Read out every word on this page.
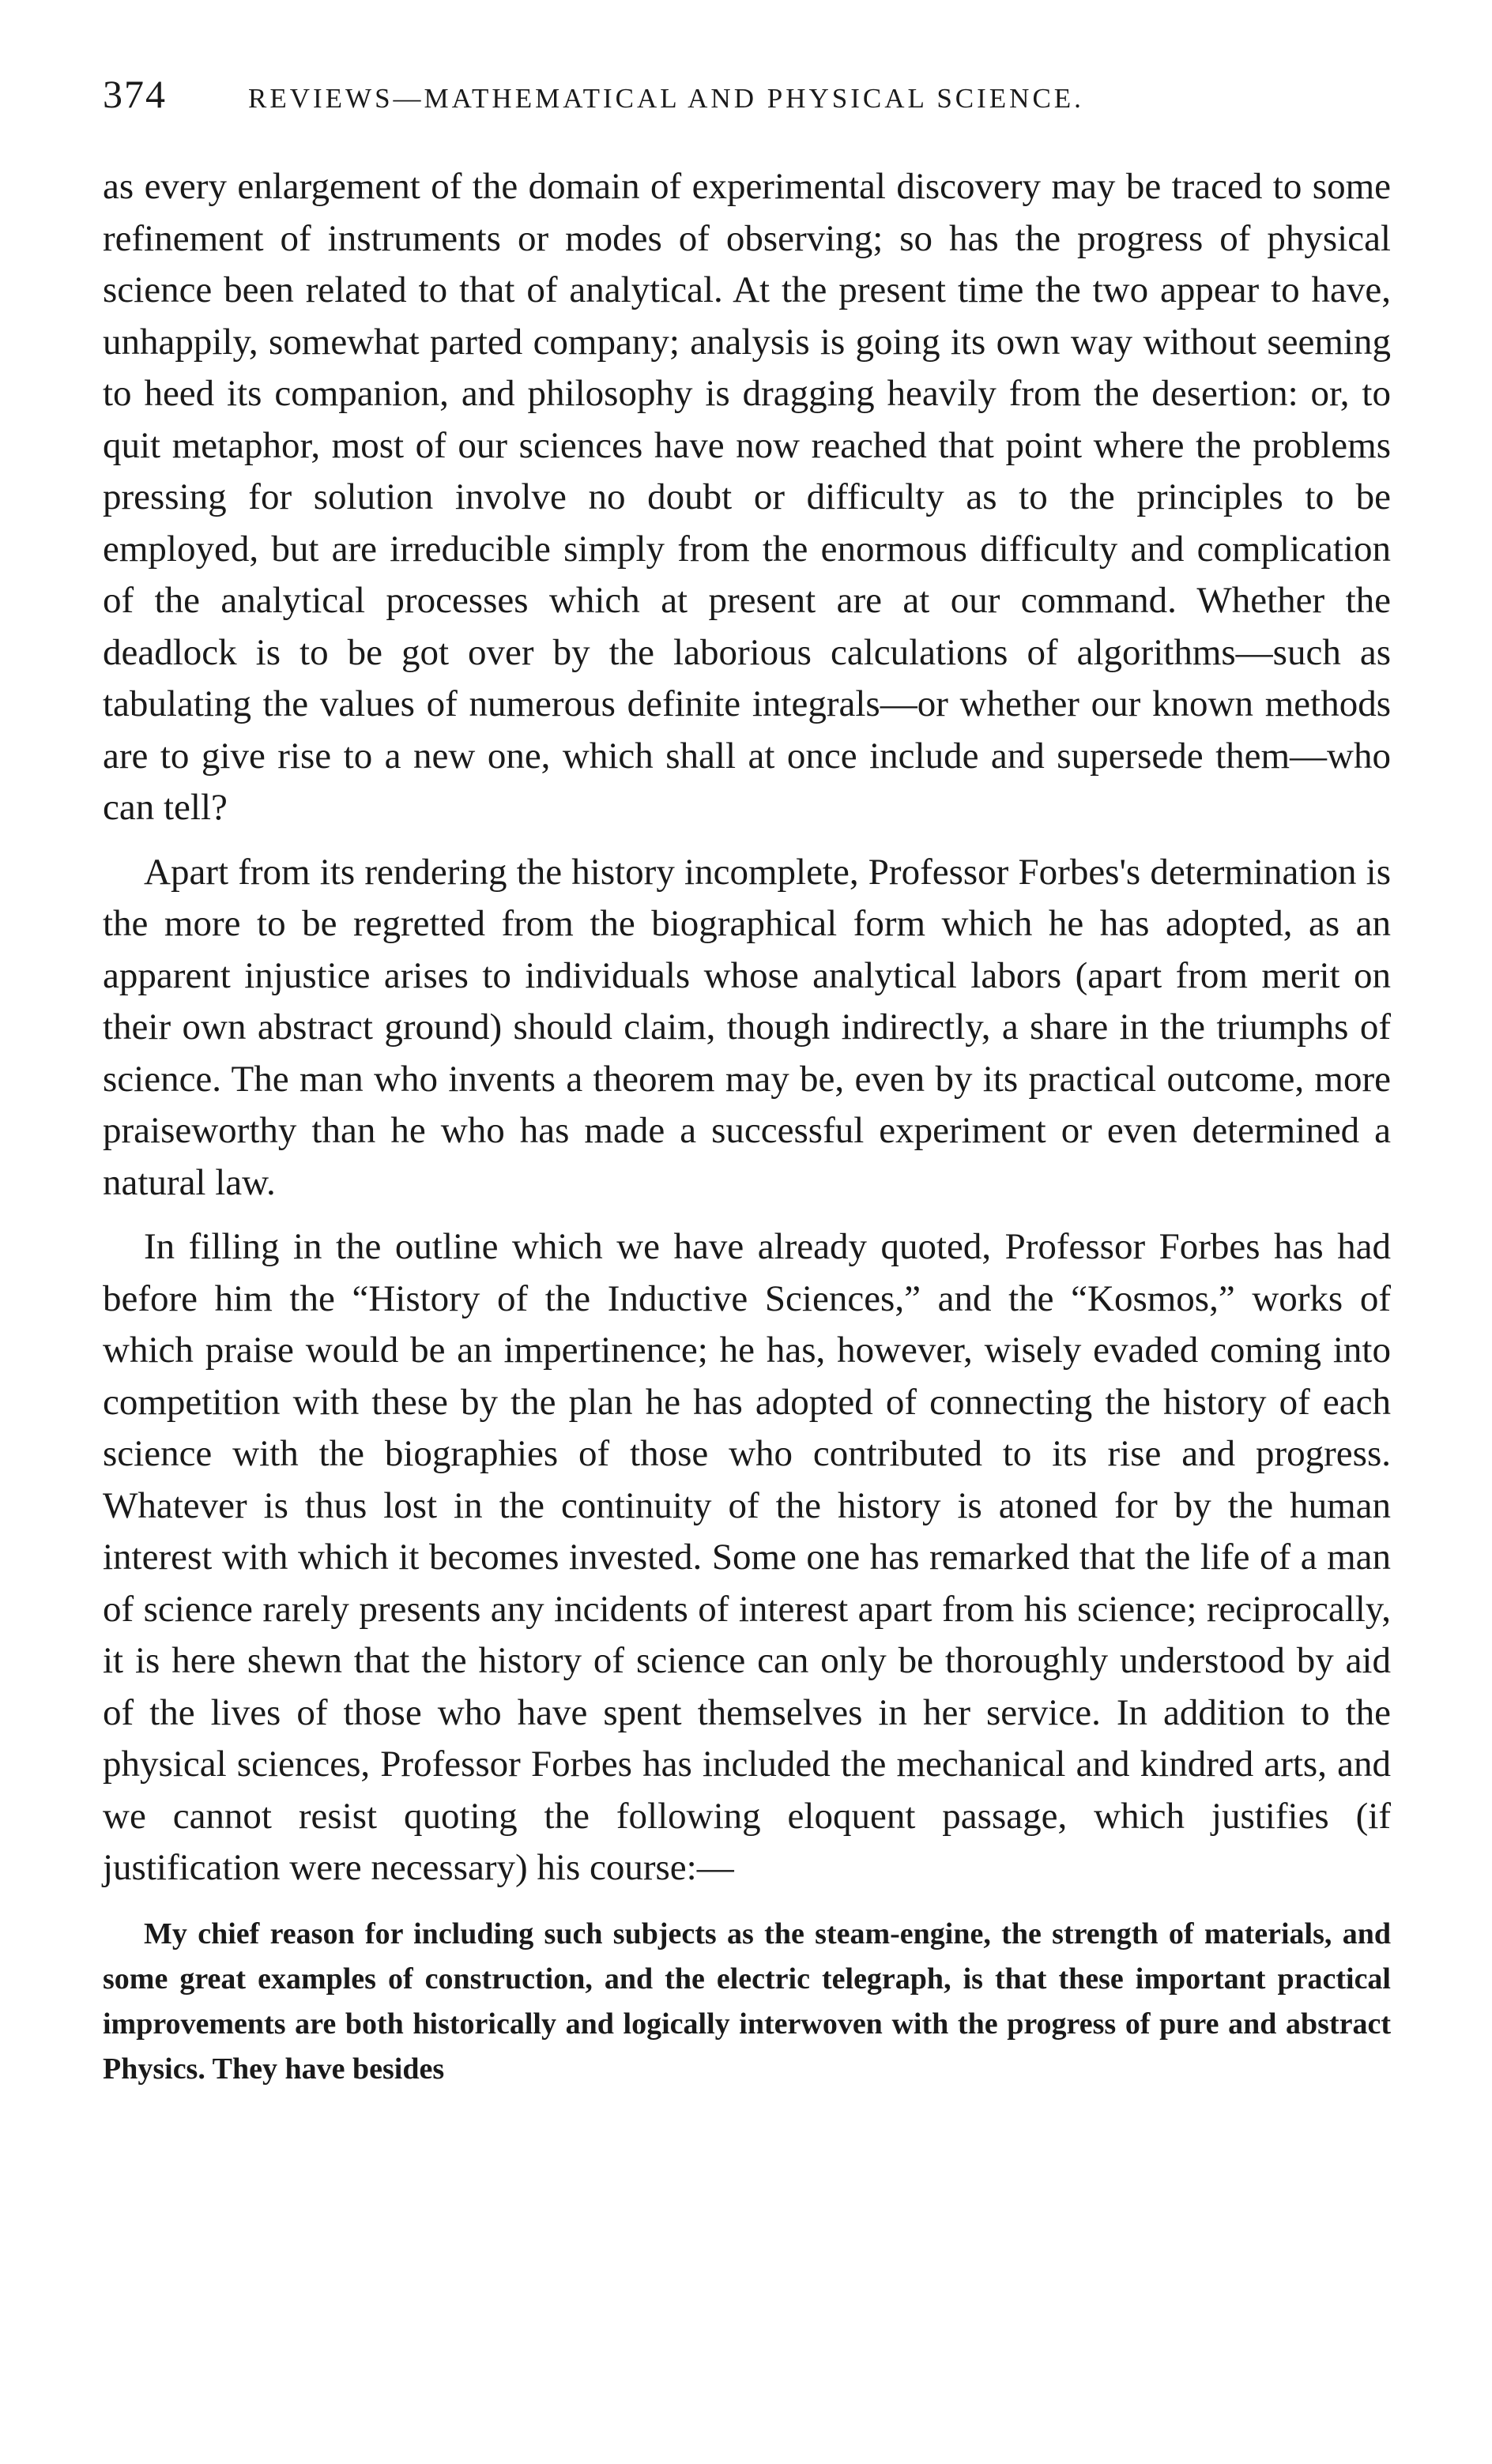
374	REVIEWS—MATHEMATICAL AND PHYSICAL SCIENCE.

as every enlargement of the domain of experimental discovery may be traced to some refinement of instruments or modes of observing; so has the progress of physical science been related to that of analytical. At the present time the two appear to have, unhappily, somewhat parted company; analysis is going its own way without seeming to heed its companion, and philosophy is dragging heavily from the desertion: or, to quit metaphor, most of our sciences have now reached that point where the problems pressing for solution involve no doubt or difficulty as to the principles to be employed, but are irreducible simply from the enormous difficulty and complication of the analytical processes which at present are at our command. Whether the deadlock is to be got over by the laborious calculations of algorithms—such as tabulating the values of numerous definite integrals—or whether our known methods are to give rise to a new one, which shall at once include and supersede them—who can tell?

Apart from its rendering the history incomplete, Professor Forbes's determination is the more to be regretted from the biographical form which he has adopted, as an apparent injustice arises to individuals whose analytical labors (apart from merit on their own abstract ground) should claim, though indirectly, a share in the triumphs of science. The man who invents a theorem may be, even by its practical outcome, more praiseworthy than he who has made a successful experiment or even determined a natural law.

In filling in the outline which we have already quoted, Professor Forbes has had before him the “History of the Inductive Sciences,” and the “Kosmos,” works of which praise would be an impertinence; he has, however, wisely evaded coming into competition with these by the plan he has adopted of connecting the history of each science with the biographies of those who contributed to its rise and progress. Whatever is thus lost in the continuity of the history is atoned for by the human interest with which it becomes invested. Some one has remarked that the life of a man of science rarely presents any incidents of interest apart from his science; reciprocally, it is here shewn that the history of science can only be thoroughly understood by aid of the lives of those who have spent themselves in her service. In addition to the physical sciences, Professor Forbes has included the mechanical and kindred arts, and we cannot resist quoting the following eloquent passage, which justifies (if justification were necessary) his course:—

My chief reason for including such subjects as the steam-engine, the strength of materials, and some great examples of construction, and the electric telegraph, is that these important practical improvements are both historically and logically interwoven with the progress of pure and abstract Physics. They have besides
